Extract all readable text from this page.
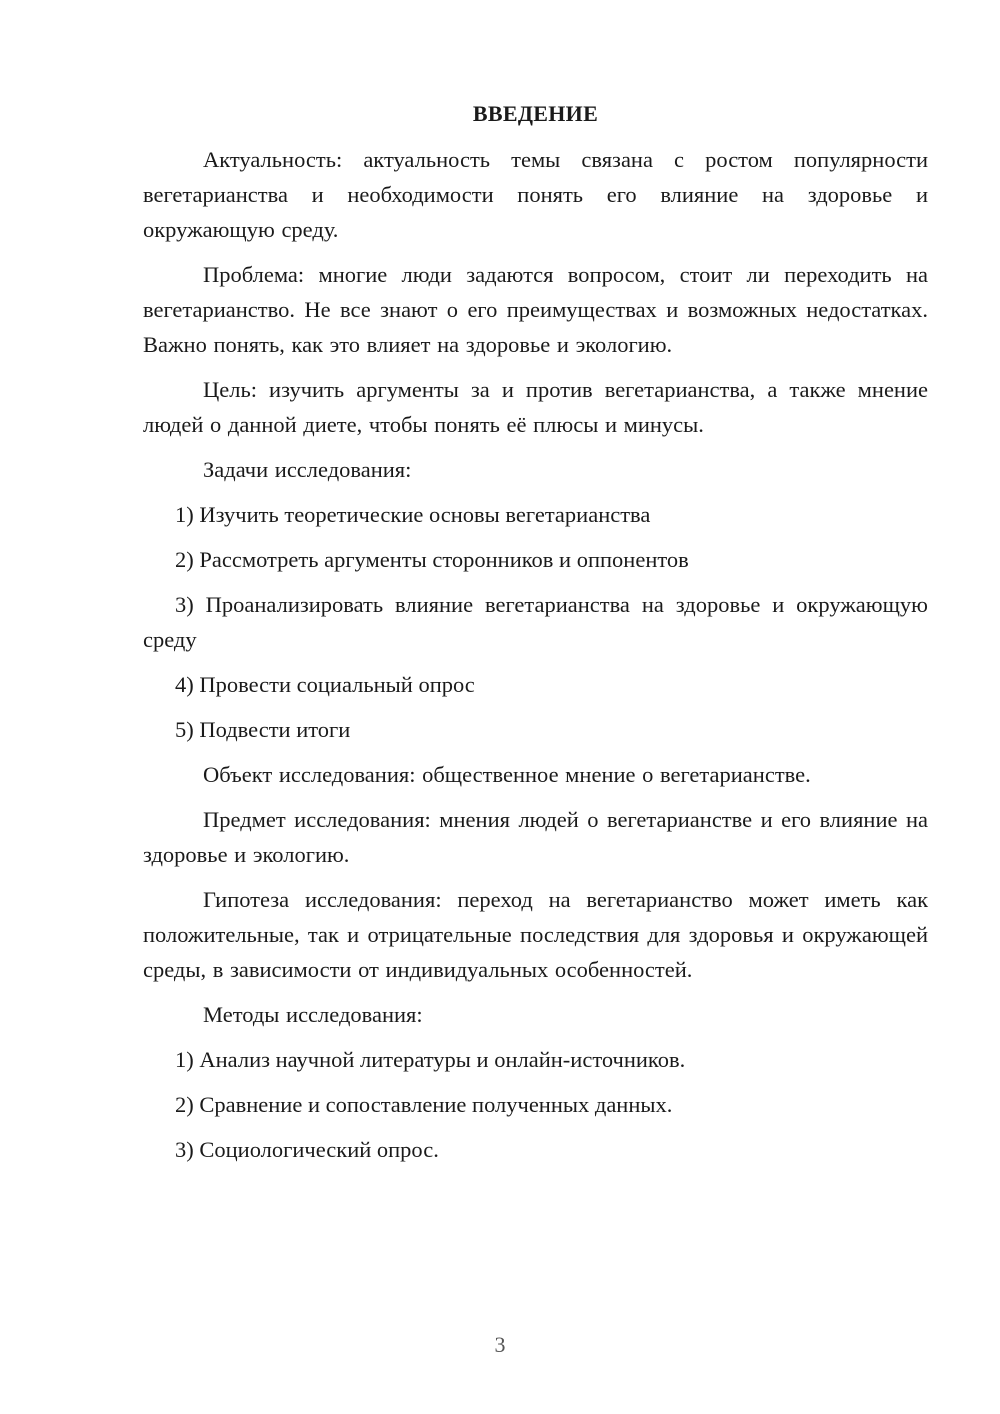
ВВЕДЕНИЕ

Актуальность: актуальность темы связана с ростом популярности вегетарианства и необходимости понять его влияние на здоровье и окружающую среду.

Проблема: многие люди задаются вопросом, стоит ли переходить на вегетарианство. Не все знают о его преимуществах и возможных недостатках. Важно понять, как это влияет на здоровье и экологию.

Цель: изучить аргументы за и против вегетарианства, а также мнение людей о данной диете, чтобы понять её плюсы и минусы.

Задачи исследования:

1) Изучить теоретические основы вегетарианства

2) Рассмотреть аргументы сторонников и оппонентов

3) Проанализировать влияние вегетарианства на здоровье и окружающую среду

4) Провести социальный опрос

5) Подвести итоги

Объект исследования: общественное мнение о вегетарианстве.

Предмет исследования: мнения людей о вегетарианстве и его влияние на здоровье и экологию.

Гипотеза исследования: переход на вегетарианство может иметь как положительные, так и отрицательные последствия для здоровья и окружающей среды, в зависимости от индивидуальных особенностей.

Методы исследования:

1) Анализ научной литературы и онлайн-источников.

2) Сравнение и сопоставление полученных данных.

3) Социологический опрос.

3
